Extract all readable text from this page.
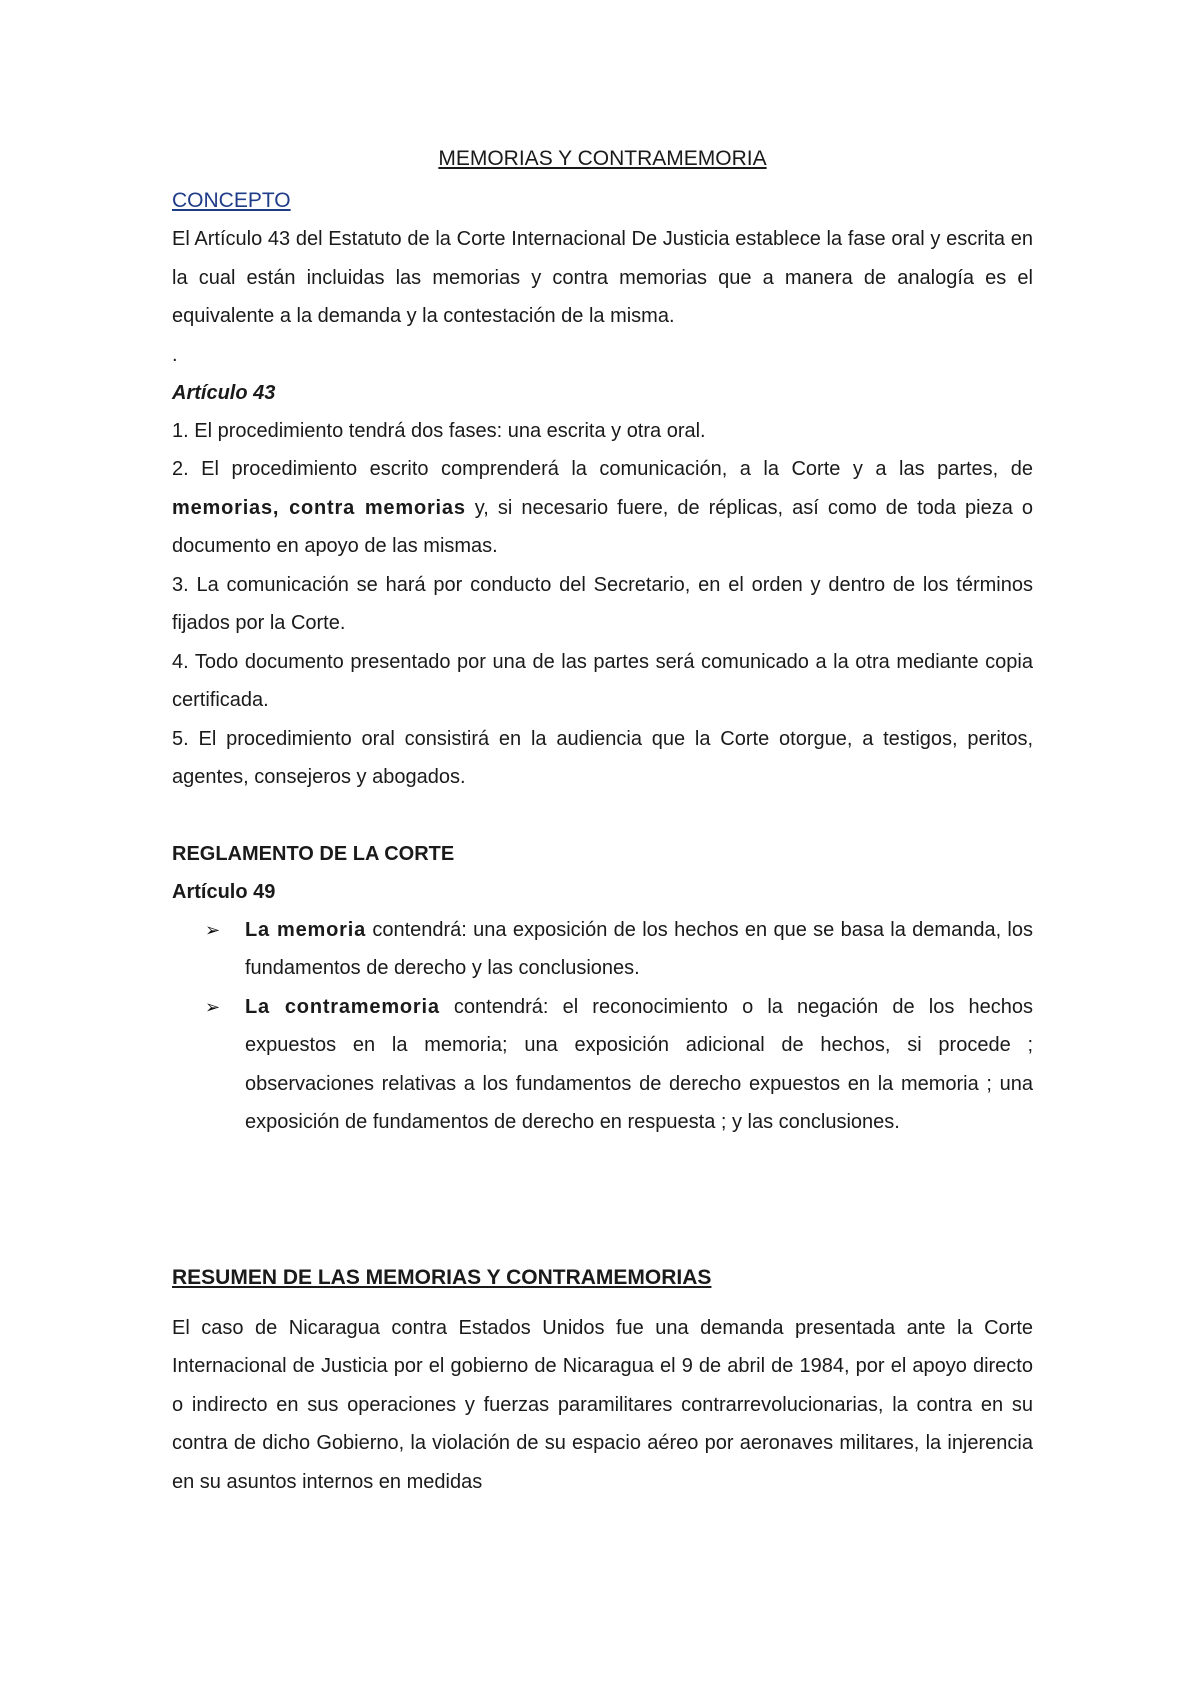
MEMORIAS Y CONTRAMEMORIA
CONCEPTO

El Artículo 43 del Estatuto de la Corte Internacional De Justicia establece la fase oral y escrita en la cual están incluidas las memorias y contra memorias que a manera de analogía es el equivalente a la demanda y la contestación de la misma.

.
Artículo 43

1. El procedimiento tendrá dos fases: una escrita y otra oral.

2. El procedimiento escrito comprenderá la comunicación, a la Corte y a las partes, de memorias, contra memorias y, si necesario fuere, de réplicas, así como de toda pieza o documento en apoyo de las mismas.

3. La comunicación se hará por conducto del Secretario, en el orden y dentro de los términos fijados por la Corte.

4. Todo documento presentado por una de las partes será comunicado a la otra mediante copia certificada.

5. El procedimiento oral consistirá en la audiencia que la Corte otorgue, a testigos, peritos, agentes, consejeros y abogados.

REGLAMENTO DE LA CORTE
Artículo 49
➢ La memoria contendrá: una exposición de los hechos en que se basa la demanda, los fundamentos de derecho y las conclusiones.
➢ La contramemoria contendrá: el reconocimiento o la negación de los hechos expuestos en la memoria; una exposición adicional de hechos, si procede ; observaciones relativas a los fundamentos de derecho expuestos en la memoria ; una exposición de fundamentos de derecho en respuesta ; y las conclusiones.
RESUMEN DE LAS MEMORIAS Y CONTRAMEMORIAS

El caso de Nicaragua contra Estados Unidos fue una demanda presentada ante la Corte Internacional de Justicia por el gobierno de Nicaragua el 9 de abril de 1984, por el apoyo directo o indirecto en sus operaciones y fuerzas paramilitares contrarrevolucionarias, la contra en su contra de dicho Gobierno, la violación de su espacio aéreo por aeronaves militares, la injerencia en su asuntos internos en medidas
